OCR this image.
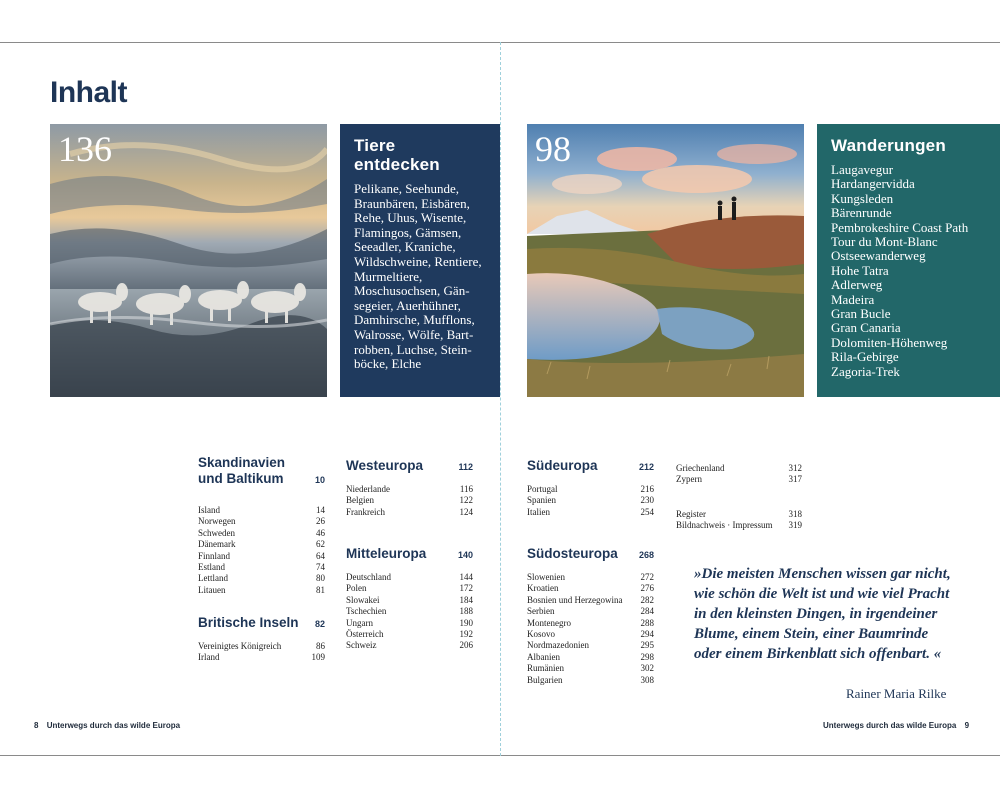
Inhalt
136	Tiere entdecken
Pelikane, Seehunde, Braunbären, Eisbären, Rehe, Uhus, Wisente, Flamingos, Gämsen, Seeadler, Kraniche, Wildschweine, Rentiere, Murmeltiere, Moschusochsen, Gänsegeier, Auerhühner, Damhirsche, Mufflons, Walrosse, Wölfe, Bartrobben, Luchse, Steinböcke, Elche
98	Wanderungen
Laugavegur
Hardangervidda
Kungsleden
Bärenrunde
Pembrokeshire Coast Path
Tour du Mont-Blanc
Ostseewanderweg
Hohe Tatra
Adlerweg
Madeira
Gran Bucle
Gran Canaria
Dolomiten-Höhenweg
Rila-Gebirge
Zagoria-Trek
Skandinavien
und Baltikum	10
Island	14
Norwegen	26
Schweden	46
Dänemark	62
Finnland	64
Estland	74
Lettland	80
Litauen	81
Britische Inseln 82
Vereinigtes Königreich	86
Irland	109
Westeuropa	112
Niederlande	116
Belgien	122
Frankreich	124
Mitteleuropa	140
Deutschland	144
Polen	172
Slowakei	184
Tschechien	188
Ungarn	190
Österreich	192
Schweiz	206
Südeuropa	212
Portugal	216
Spanien	230
Italien	254
Südosteuropa 268
Slowenien	272
Kroatien	276
Bosnien und Herzegowina 282
Serbien	284
Montenegro	288
Kosovo	294
Nordmazedonien	295
Albanien	298
Rumänien	302
Bulgarien	308
Griechenland	312
Zypern	317
Register	318
Bildnachweis · Impressum 319
»Die meisten Menschen wissen gar nicht, wie schön die Welt ist und wie viel Pracht in den kleinsten Dingen, in irgendeiner Blume, einem Stein, einer Baumrinde oder einem Birkenblatt sich offenbart. «
Rainer Maria Rilke
8 Unterwegs durch das wilde Europa	Unterwegs durch das wilde Europa 9
